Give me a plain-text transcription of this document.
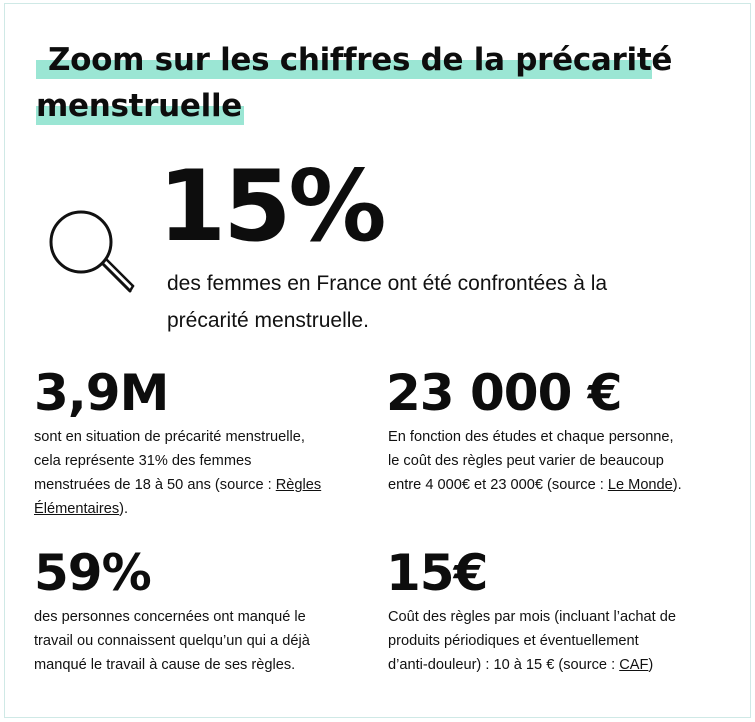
Zoom sur les chiffres de la précarité
menstruelle
15%
des femmes en France ont été confrontées à la
précarité menstruelle.
3,9M
sont en situation de précarité menstruelle,
cela représente 31% des femmes
menstruées de 18 à 50 ans (source : Règles
Élémentaires).
23 000 €
En fonction des études et chaque personne,
le coût des règles peut varier de beaucoup
entre 4 000€ et 23 000€ (source : Le Monde).
59%
des personnes concernées ont manqué le
travail ou connaissent quelqu’un qui a déjà
manqué le travail à cause de ses règles.
15€
Coût des règles par mois (incluant l’achat de
produits périodiques et éventuellement
d’anti-douleur) : 10 à 15 € (source : CAF)
